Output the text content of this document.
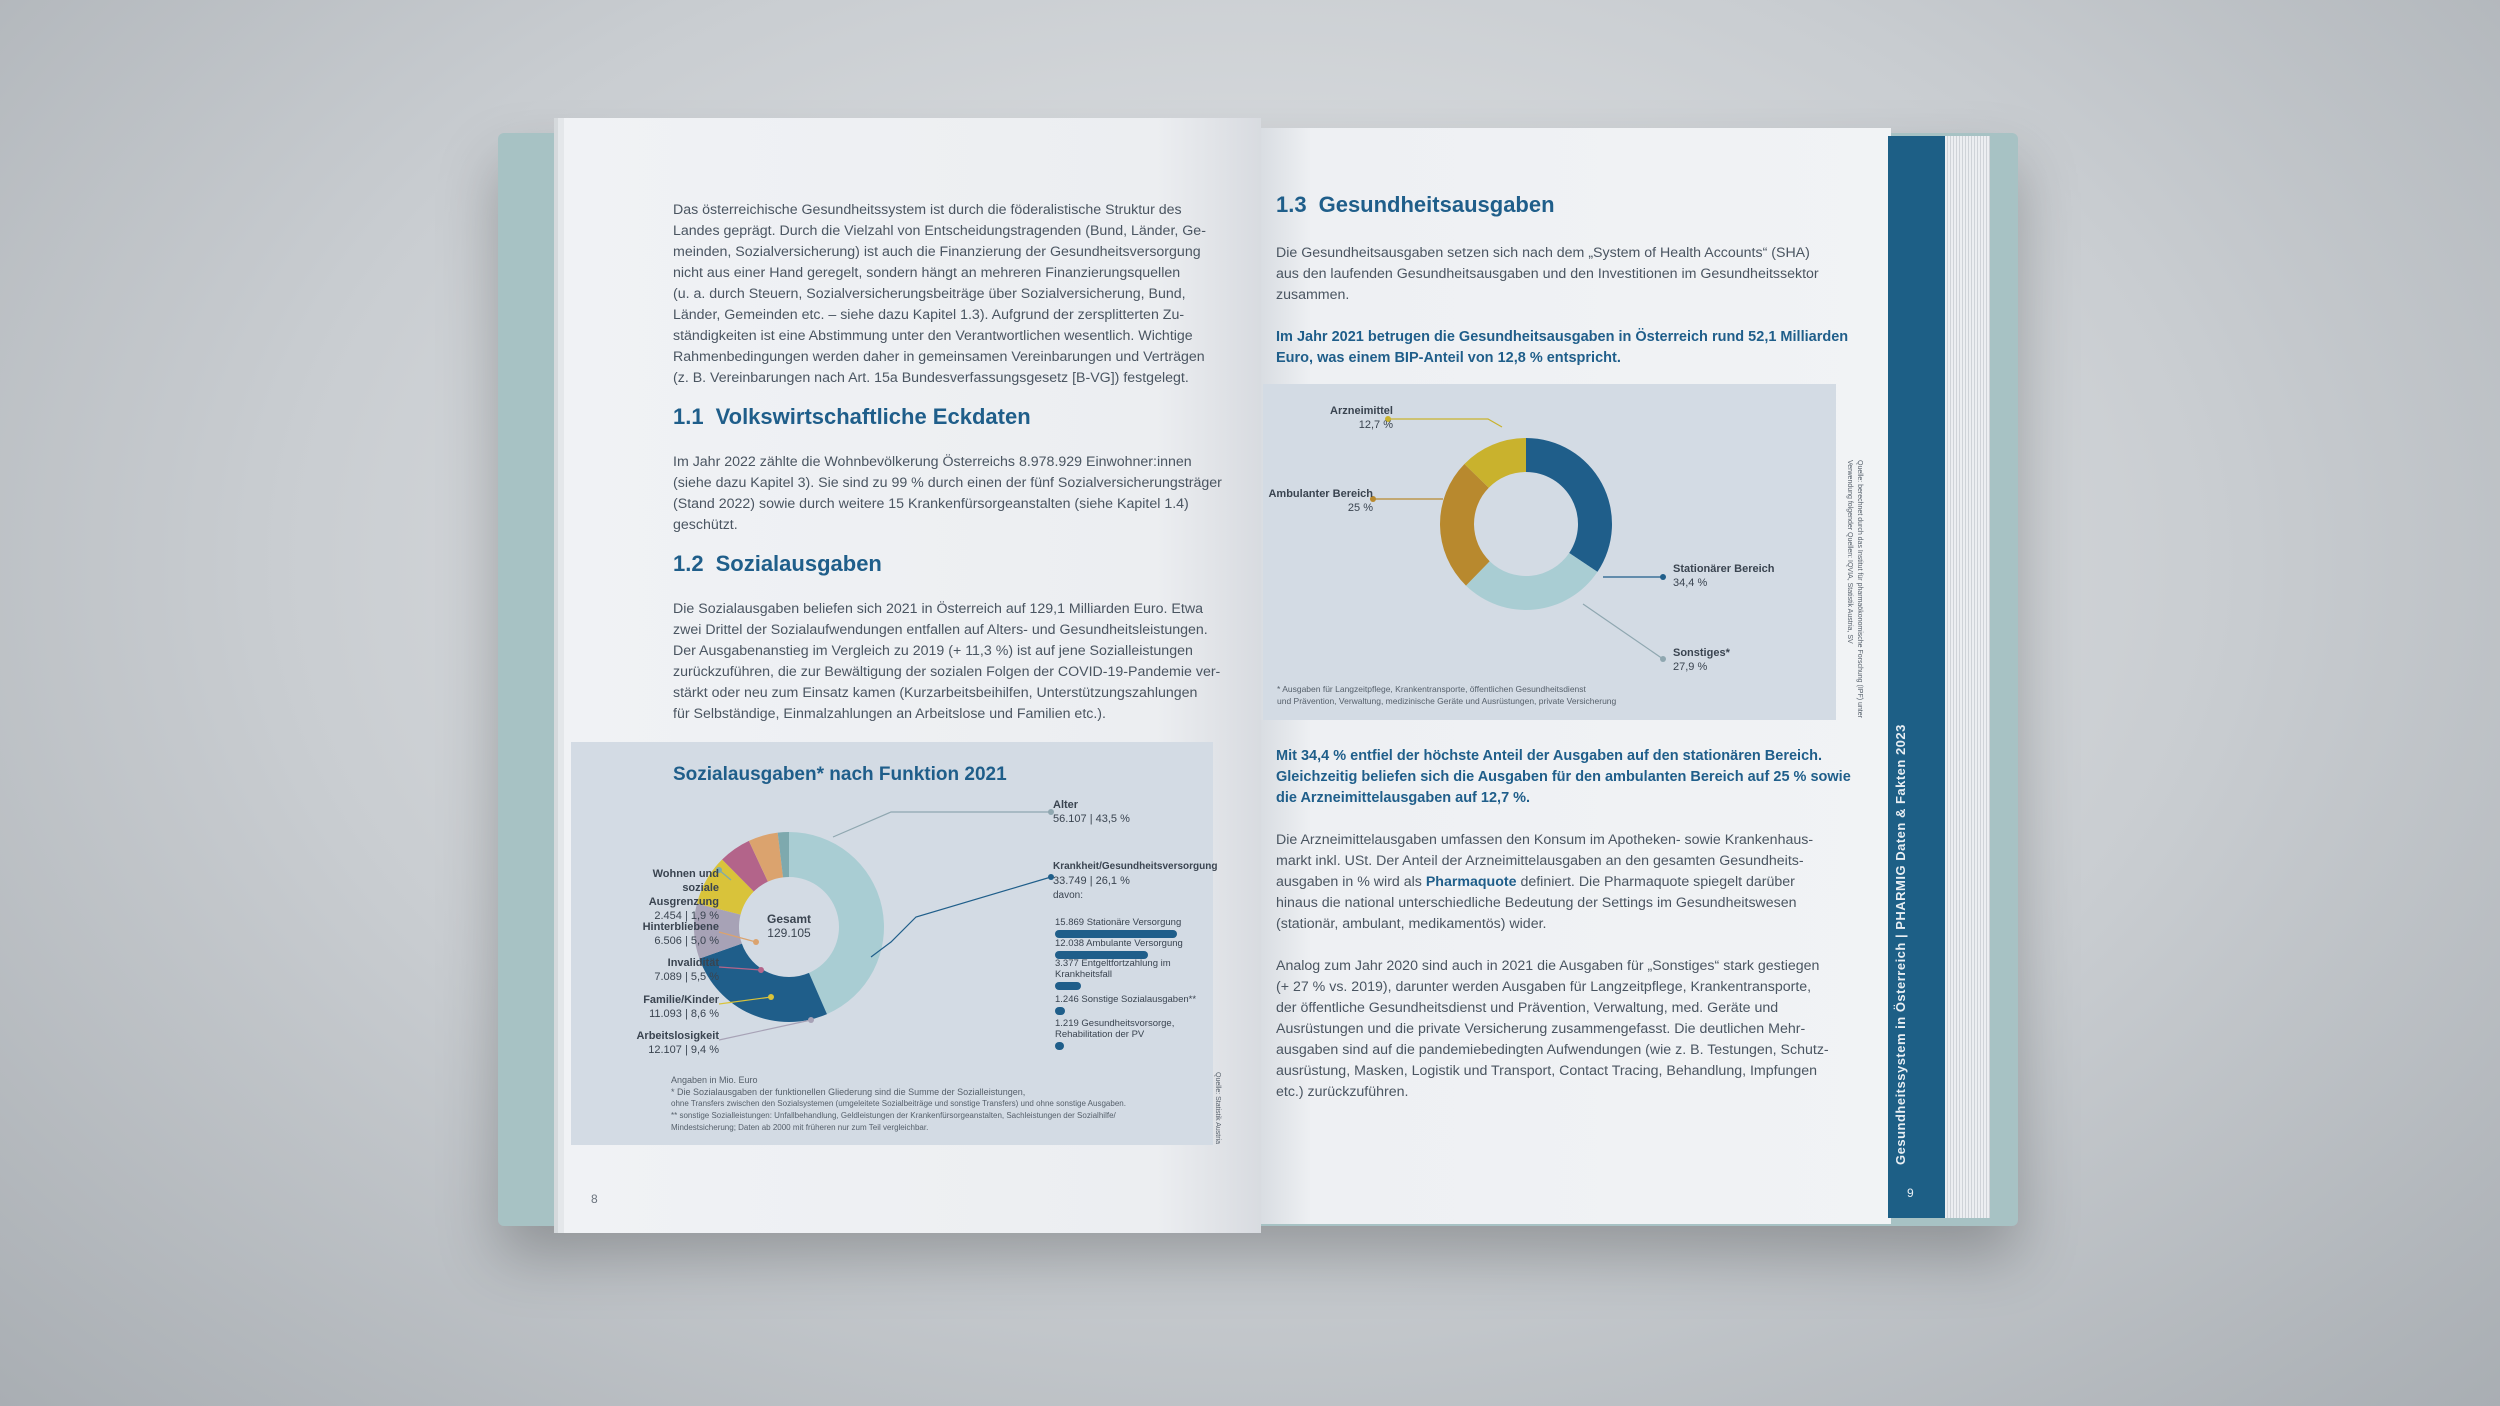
Gesundheitssystem in Österreich | PHARMIG Daten & Fakten 2023
9
Das österreichische Gesundheitssystem ist durch die föderalistische Struktur des
Landes geprägt. Durch die Vielzahl von Entscheidungstragenden (Bund, Länder, Ge-
meinden, Sozialversicherung) ist auch die Finanzierung der Gesundheitsversorgung
nicht aus einer Hand geregelt, sondern hängt an mehreren Finanzierungsquellen
(u. a. durch Steuern, Sozialversicherungsbeiträge über Sozialversicherung, Bund,
Länder, Gemeinden etc. – siehe dazu Kapitel 1.3). Aufgrund der zersplitterten Zu-
ständigkeiten ist eine Abstimmung unter den Verantwortlichen wesentlich. Wichtige
Rahmenbedingungen werden daher in gemeinsamen Vereinbarungen und Verträgen
(z. B. Vereinbarungen nach Art. 15a Bundesverfassungsgesetz [B-VG]) festgelegt.
1.1 Volkswirtschaftliche Eckdaten
Im Jahr 2022 zählte die Wohnbevölkerung Österreichs 8.978.929 Einwohner:innen
(siehe dazu Kapitel 3). Sie sind zu 99 % durch einen der fünf Sozialversicherungsträger
(Stand 2022) sowie durch weitere 15 Krankenfürsorgeanstalten (siehe Kapitel 1.4)
geschützt.
1.2 Sozialausgaben
Die Sozialausgaben beliefen sich 2021 in Österreich auf 129,1 Milliarden Euro. Etwa
zwei Drittel der Sozialaufwendungen entfallen auf Alters- und Gesundheitsleistungen.
Der Ausgabenanstieg im Vergleich zu 2019 (+ 11,3 %) ist auf jene Sozialleistungen
zurückzuführen, die zur Bewältigung der sozialen Folgen der COVID-19-Pandemie ver-
stärkt oder neu zum Einsatz kamen (Kurzarbeitsbeihilfen, Unterstützungszahlungen
für Selbständige, Einmalzahlungen an Arbeitslose und Familien etc.).
Sozialausgaben* nach Funktion 2021
Gesamt
129.105
Alter
56.107 | 43,5 %
Krankheit/Gesundheitsversorgung
33.749 | 26,1 %
davon:
15.869 Stationäre Versorgung
12.038 Ambulante Versorgung
3.377 Entgeltfortzahlung im Krankheitsfall
1.246 Sonstige Sozialausgaben**
1.219 Gesundheitsvorsorge, Rehabilitation der PV
Wohnen und soziale Ausgrenzung
2.454 | 1,9 %
Hinterbliebene
6.506 | 5,0 %
Invalidität
7.089 | 5,5 %
Familie/Kinder
11.093 | 8,6 %
Arbeitslosigkeit
12.107 | 9,4 %
Angaben in Mio. Euro
* Die Sozialausgaben der funktionellen Gliederung sind die Summe der Sozialleistungen,
ohne Transfers zwischen den Sozialsystemen (umgeleitete Sozialbeiträge und sonstige Transfers) und ohne sonstige Ausgaben.
** sonstige Sozialleistungen: Unfallbehandlung, Geldleistungen der Krankenfürsorgeanstalten, Sachleistungen der Sozialhilfe/
Mindestsicherung; Daten ab 2000 mit früheren nur zum Teil vergleichbar.	Quelle: Statistik Austria
8
1.3 Gesundheitsausgaben
Die Gesundheitsausgaben setzen sich nach dem „System of Health Accounts“ (SHA)
aus den laufenden Gesundheitsausgaben und den Investitionen im Gesundheitssektor
zusammen.
Im Jahr 2021 betrugen die Gesundheitsausgaben in Österreich rund 52,1 Milliarden
Euro, was einem BIP-Anteil von 12,8 % entspricht.
Arzneimittel
12,7 %
Ambulanter Bereich
25 %
Stationärer Bereich
34,4 %
Sonstiges*
27,9 %
* Ausgaben für Langzeitpflege, Krankentransporte, öffentlichen Gesundheitsdienst
und Prävention, Verwaltung, medizinische Geräte und Ausrüstungen, private Versicherung	Quelle: berechnet durch das Institut für pharmaökonomische Forschung (IPF) unter Verwendung folgender Quellen: IQVIA, Statistik Austria, SV
Mit 34,4 % entfiel der höchste Anteil der Ausgaben auf den stationären Bereich.
Gleichzeitig beliefen sich die Ausgaben für den ambulanten Bereich auf 25 % sowie
die Arzneimittelausgaben auf 12,7 %.
Die Arzneimittelausgaben umfassen den Konsum im Apotheken- sowie Krankenhaus-
markt inkl. USt. Der Anteil der Arzneimittelausgaben an den gesamten Gesundheits-
ausgaben in % wird als Pharmaquote definiert. Die Pharmaquote spiegelt darüber
hinaus die national unterschiedliche Bedeutung der Settings im Gesundheitswesen
(stationär, ambulant, medikamentös) wider.
Analog zum Jahr 2020 sind auch in 2021 die Ausgaben für „Sonstiges“ stark gestiegen
(+ 27 % vs. 2019), darunter werden Ausgaben für Langzeitpflege, Krankentransporte,
der öffentliche Gesundheitsdienst und Prävention, Verwaltung, med. Geräte und
Ausrüstungen und die private Versicherung zusammengefasst. Die deutlichen Mehr-
ausgaben sind auf die pandemiebedingten Aufwendungen (wie z. B. Testungen, Schutz-
ausrüstung, Masken, Logistik und Transport, Contact Tracing, Behandlung, Impfungen
etc.) zurückzuführen.
